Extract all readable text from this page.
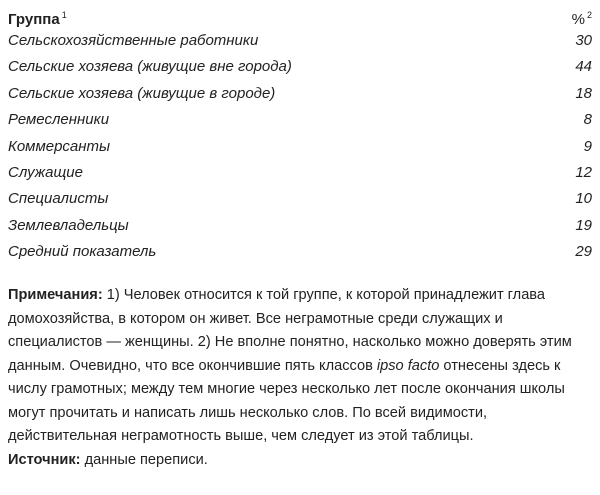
Группа $^1$	% $^2$
Сельскохозяйственные работники	30
Сельские хозяева (живущие вне города)	44
Сельские хозяева (живущие в городе)	18
Ремесленники	8
Коммерсанты	9
Служащие	12
Специалисты	10
Землевладельцы	19
Средний показатель	29

Примечания: 1) Человек относится к той группе, к которой принадлежит глава домохозяйства, в котором он живет. Все неграмотные среди служащих и специалистов — женщины. 2) Не вполне понятно, насколько можно доверять этим данным. Очевидно, что все окончившие пять классов ipso facto отнесены здесь к числу грамотных; между тем многие через несколько лет после окончания школы могут прочитать и написать лишь несколько слов. По всей видимости, действительная неграмотность выше, чем следует из этой таблицы.

Источник: данные переписи.
